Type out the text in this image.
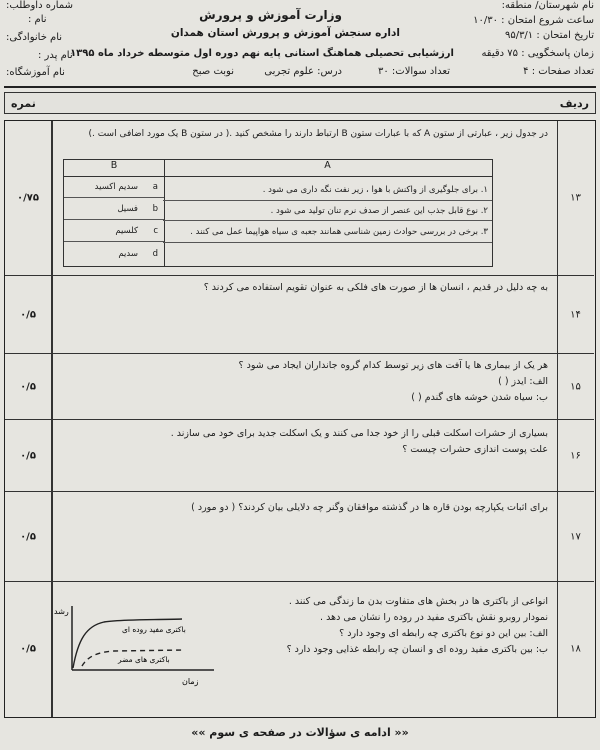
نام شهرستان/ منطقه:
وزارت آموزش و پرورش
شماره داوطلب:
نام :	ساعت شروع امتحان : ۱۰/۳۰
اداره سنجش آموزش و پرورش استان همدان	تاریخ امتحان : ۹۵/۳/۱
نام خانوادگی:
زمان پاسخگویی : ۷۵ دقیقه
ارزشیابی تحصیلی هماهنگ استانی پایه نهم دوره اول متوسطه خرداد ماه ۱۳۹۵
نام پدر :
تعداد صفحات : ۴
تعداد سوالات: ۳۰
درس: علوم تجربی
نوبت صبح
نام آموزشگاه:
ردیف
نمره
۱۳
۰/۷۵
در جدول زیر ، عبارتی از ستون A که با عبارات ستون B ارتباط دارند را مشخص کنید .( در ستون B یک مورد اضافی است .)
A
B
۱. برای جلوگیری از واکنش با هوا ، زیر نفت نگه داری می شود .
۲. نوع قابل جذب این عنصر از صدف نرم تنان تولید می شود .
۳. برخی در بررسی حوادث زمین شناسی همانند جعبه ی سیاه هواپیما عمل می کنند .
a
سدیم اکسید
b
فسیل
c
کلسیم
d
سدیم
۱۴
۰/۵
به چه دلیل در قدیم ، انسان ها از صورت های فلکی به عنوان تقویم استفاده می کردند ؟
۱۵
۰/۵
هر یک از بیماری ها یا آفت های زیر توسط کدام گروه جانداران ایجاد می شود ؟
الف: ایدز ( )
ب: سیاه شدن خوشه های گندم ( )
۱۶
۰/۵
بسیاری از حشرات اسکلت قبلی را از خود جدا می کنند و یک اسکلت جدید برای خود می سازند .
علت پوست اندازی حشرات چیست ؟
۱۷
۰/۵
برای اثبات یکپارچه بودن قاره ها در گذشته موافقان وگنر چه دلایلی بیان کردند؟ ( دو مورد )
۱۸
۰/۵
انواعی از باکتری ها در بخش های متفاوت بدن ما زندگی می کنند .
نمودار روبرو نقش باکتری مفید در روده را نشان می دهد .
الف: بین این دو نوع باکتری چه رابطه ای وجود دارد ؟
ب: بین باکتری مفید روده ای و انسان چه رابطه غذایی وجود دارد ؟
رشد
زمان
باکتری مفید روده ای
باکتری های مضر
«« ادامه ی سؤالات در صفحه ی سوم »»
